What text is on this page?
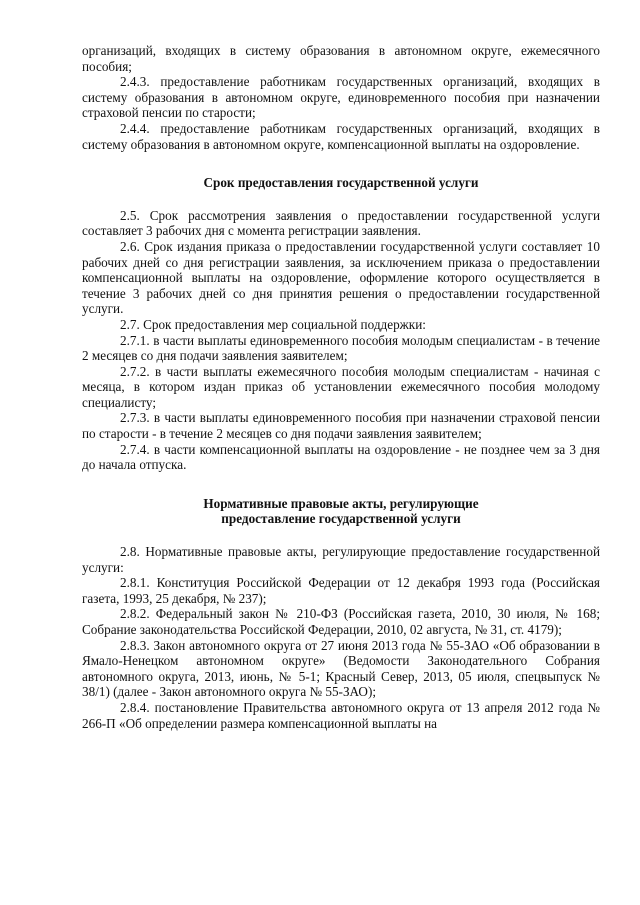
организаций, входящих в систему образования в автономном округе, ежемесячного пособия;

2.4.3. предоставление работникам государственных организаций, входящих в систему образования в автономном округе, единовременного пособия при назначении страховой пенсии по старости;

2.4.4. предоставление работникам государственных организаций, входящих в систему образования в автономном округе, компенсационной выплаты на оздоровление.

Срок предоставления государственной услуги

2.5. Срок рассмотрения заявления о предоставлении государственной услуги составляет 3 рабочих дня с момента регистрации заявления.

2.6. Срок издания приказа о предоставлении государственной услуги составляет 10 рабочих дней со дня регистрации заявления, за исключением приказа о предоставлении компенсационной выплаты на оздоровление, оформление которого осуществляется в течение 3 рабочих дней со дня принятия решения о предоставлении государственной услуги.

2.7. Срок предоставления мер социальной поддержки:

2.7.1. в части выплаты единовременного пособия молодым специалистам - в течение 2 месяцев со дня подачи заявления заявителем;

2.7.2. в части выплаты ежемесячного пособия молодым специалистам - начиная с месяца, в котором издан приказ об установлении ежемесячного пособия молодому специалисту;

2.7.3. в части выплаты единовременного пособия при назначении страховой пенсии по старости - в течение 2 месяцев со дня подачи заявления заявителем;

2.7.4. в части компенсационной выплаты на оздоровление - не позднее чем за 3 дня до начала отпуска.

Нормативные правовые акты, регулирующие
предоставление государственной услуги

2.8. Нормативные правовые акты, регулирующие предоставление государственной услуги:

2.8.1. Конституция Российской Федерации от 12 декабря 1993 года (Российская газета, 1993, 25 декабря, № 237);

2.8.2. Федеральный закон № 210-ФЗ (Российская газета, 2010, 30 июля, № 168; Собрание законодательства Российской Федерации, 2010, 02 августа, № 31, ст. 4179);

2.8.3. Закон автономного округа от 27 июня 2013 года № 55-ЗАО «Об образовании в Ямало-Ненецком автономном округе» (Ведомости Законодательного Собрания автономного округа, 2013, июнь, № 5-1; Красный Север, 2013, 05 июля, спецвыпуск № 38/1) (далее - Закон автономного округа № 55-ЗАО);

2.8.4. постановление Правительства автономного округа от 13 апреля 2012 года № 266-П «Об определении размера компенсационной выплаты на
